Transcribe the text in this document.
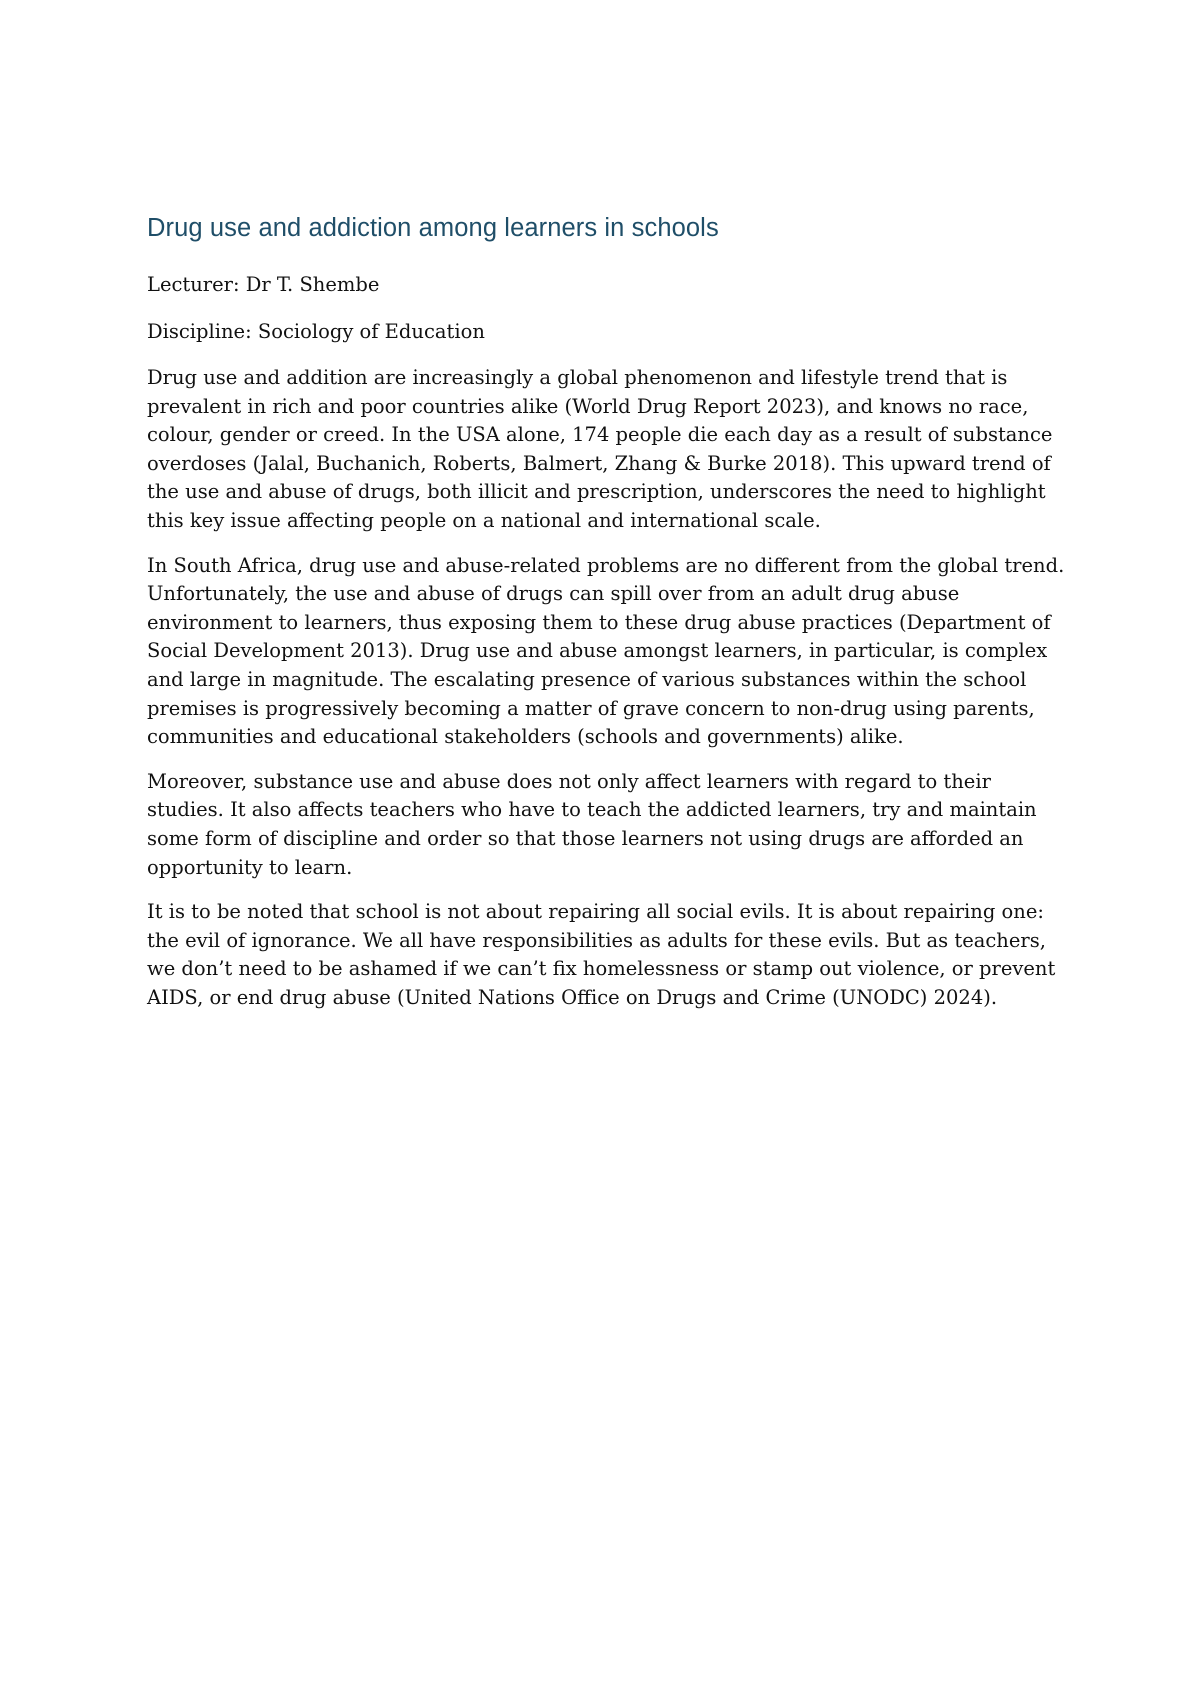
Drug use and addiction among learners in schools

Lecturer: Dr T. Shembe

Discipline: Sociology of Education

Drug use and addition are increasingly a global phenomenon and lifestyle trend that is prevalent in rich and poor countries alike (World Drug Report 2023), and knows no race, colour, gender or creed. In the USA alone, 174 people die each day as a result of substance overdoses (Jalal, Buchanich, Roberts, Balmert, Zhang & Burke 2018). This upward trend of the use and abuse of drugs, both illicit and prescription, underscores the need to highlight this key issue affecting people on a national and international scale.

In South Africa, drug use and abuse-related problems are no different from the global trend. Unfortunately, the use and abuse of drugs can spill over from an adult drug abuse environment to learners, thus exposing them to these drug abuse practices (Department of Social Development 2013). Drug use and abuse amongst learners, in particular, is complex and large in magnitude. The escalating presence of various substances within the school premises is progressively becoming a matter of grave concern to non-drug using parents, communities and educational stakeholders (schools and governments) alike.

Moreover, substance use and abuse does not only affect learners with regard to their studies. It also affects teachers who have to teach the addicted learners, try and maintain some form of discipline and order so that those learners not using drugs are afforded an opportunity to learn.

It is to be noted that school is not about repairing all social evils. It is about repairing one: the evil of ignorance. We all have responsibilities as adults for these evils. But as teachers, we don’t need to be ashamed if we can’t fix homelessness or stamp out violence, or prevent AIDS, or end drug abuse (United Nations Office on Drugs and Crime (UNODC) 2024).
